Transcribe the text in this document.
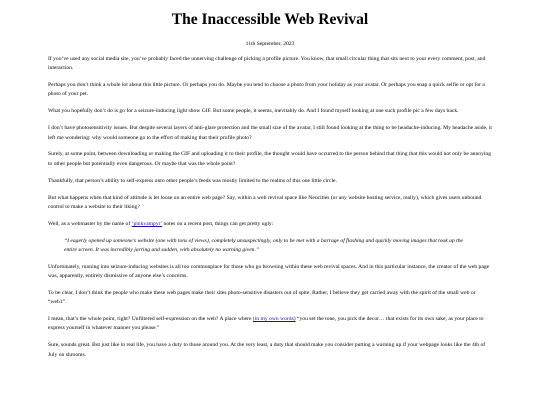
The Inaccessible Web Revival
11th September, 2023

If you’ve used any social media site, you’ve probably faced the unnerving challenge of picking a profile picture. You know, that small circular thing that sits next to your every comment, post, and interaction.

Perhaps you don’t think a whole lot about this little picture. Or perhaps you do. Maybe you tend to choose a photo from your holiday as your avatar. Or perhaps you snap a quick selfie or opt for a photo of your pet.

What you hopefully don’t do is go for a seizure-inducing light show GIF. But some people, it seems, inevitably do. And I found myself looking at one such profile pic a few days back.

I don’t have photosensitivity issues. But despite several layers of anti-glare protection and the small size of the avatar, I still found looking at the thing to be headache-inducing. My headache aside, it left me wondering: why would someone go to the effort of making that their profile photo?

Surely, at some point, between downloading or making the GIF and uploading it to their profile, the thought would have occurred to the person behind that thing that this would not only be annoying to other people but potentially even dangerous. Or maybe that was the whole point?

Thankfully, that person’s ability to self-express onto other people’s feeds was mostly limited to the realms of this one little circle.

But what happens when that kind of attitude is let loose on an entire web page? Say, within a web revival space like Neocities (or any website hosting service, really), which gives users unbound control to make a website to their liking?

Well, as a webmaster by the name of ‘pinkvampyr’ notes on a recent post, things can get pretty ugly:

“I eagerly opened up someone’s website (one with tons of views), completely unsuspectingly, only to be met with a barrage of flashing and quickly moving images that took up the entire screen. It was incredibly jarring and sudden, with absolutely no warning given.”

Unfortunately, running into seizure-inducing websites is all too commonplace for those who go browsing within these web revival spaces. And in this particular instance, the creator of the web page was, apparently, entirely dismissive of anyone else’s concerns.

To be clear, I don’t think the people who make these web pages make their sites photo-sensitive disasters out of spite. Rather, I believe they get carried away with the spirit of the small web or “web1”.

I mean, that’s the whole point, right? Unfiltered self-expression on the web? A place where (in my own words) “you set the tone, you pick the decor… that exists for its own sake, as your place to express yourself in whatever manner you please.”

Sure, sounds great. But just like in real life, you have a duty to those around you. At the very least, a duty that should make you consider putting a warning up if your webpage looks like the 4th of July on shrooms.
